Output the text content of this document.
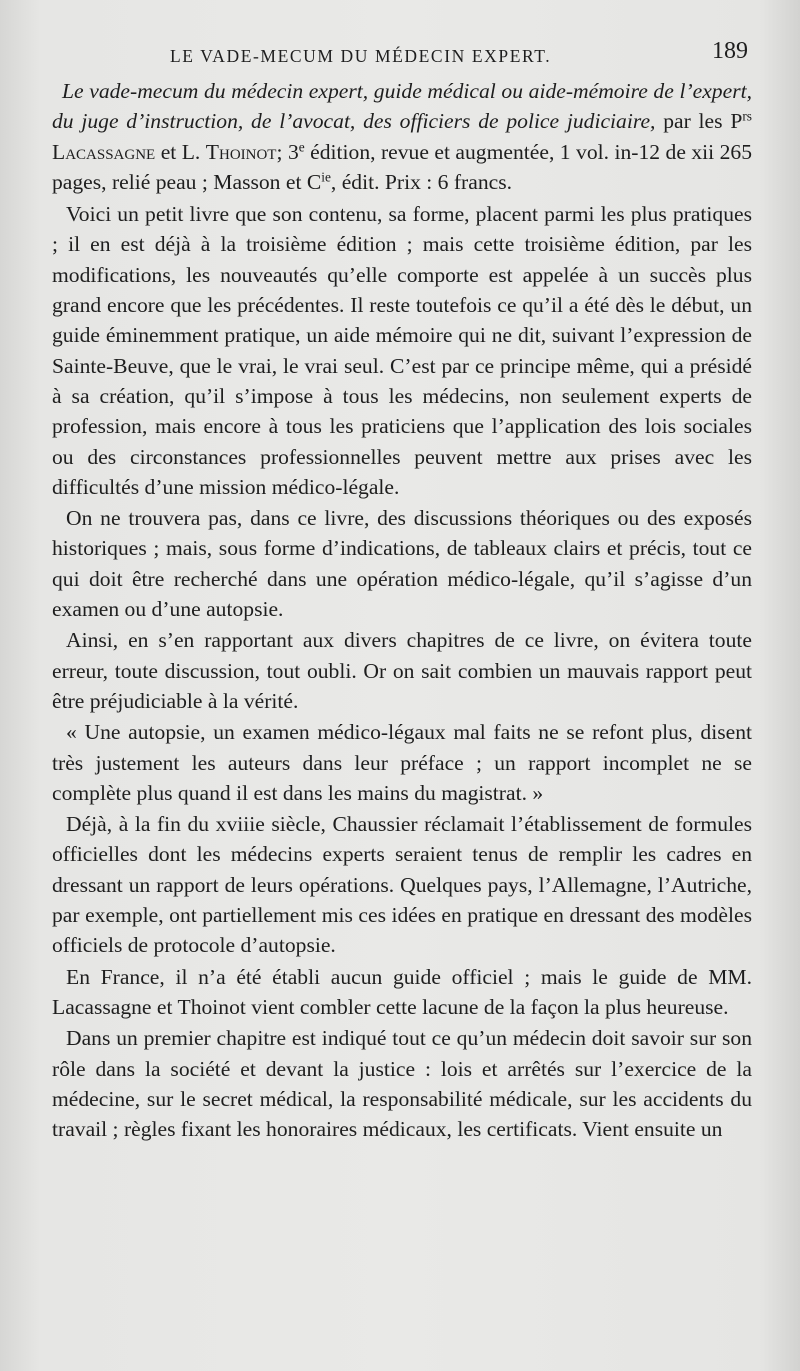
LE VADE-MECUM DU MÉDECIN EXPERT.	189

Le vade-mecum du médecin expert, guide médical ou aide-mémoire de l’expert, du juge d’instruction, de l’avocat, des officiers de police judiciaire, par les $P^{rs}$ Lacassagne et L. Thoinot; 3e édition, revue et augmentée, 1 vol. in-12 de xii 265 pages, relié peau ; Masson et $C^{ie}$, édit. Prix : 6 francs.

Voici un petit livre que son contenu, sa forme, placent parmi les plus pratiques ; il en est déjà à la troisième édition ; mais cette troisième édition, par les modifications, les nouveautés qu’elle comporte est appelée à un succès plus grand encore que les précédentes. Il reste toutefois ce qu’il a été dès le début, un guide éminemment pratique, un aide mémoire qui ne dit, suivant l’expression de Sainte-Beuve, que le vrai, le vrai seul. C’est par ce principe même, qui a présidé à sa création, qu’il s’impose à tous les médecins, non seulement experts de profession, mais encore à tous les praticiens que l’application des lois sociales ou des circonstances professionnelles peuvent mettre aux prises avec les difficultés d’une mission médico-légale.

On ne trouvera pas, dans ce livre, des discussions théoriques ou des exposés historiques ; mais, sous forme d’indications, de tableaux clairs et précis, tout ce qui doit être recherché dans une opération médico-légale, qu’il s’agisse d’un examen ou d’une autopsie.

Ainsi, en s’en rapportant aux divers chapitres de ce livre, on évitera toute erreur, toute discussion, tout oubli. Or on sait combien un mauvais rapport peut être préjudiciable à la vérité.

« Une autopsie, un examen médico-légaux mal faits ne se refont plus, disent très justement les auteurs dans leur préface ; un rapport incomplet ne se complète plus quand il est dans les mains du magistrat. »

Déjà, à la fin du xviiie siècle, Chaussier réclamait l’établissement de formules officielles dont les médecins experts seraient tenus de remplir les cadres en dressant un rapport de leurs opérations. Quelques pays, l’Allemagne, l’Autriche, par exemple, ont partiellement mis ces idées en pratique en dressant des modèles officiels de protocole d’autopsie.

En France, il n’a été établi aucun guide officiel ; mais le guide de MM. Lacassagne et Thoinot vient combler cette lacune de la façon la plus heureuse.

Dans un premier chapitre est indiqué tout ce qu’un médecin doit savoir sur son rôle dans la société et devant la justice : lois et arrêtés sur l’exercice de la médecine, sur le secret médical, la responsabilité médicale, sur les accidents du travail ; règles fixant les honoraires médicaux, les certificats. Vient ensuite un
